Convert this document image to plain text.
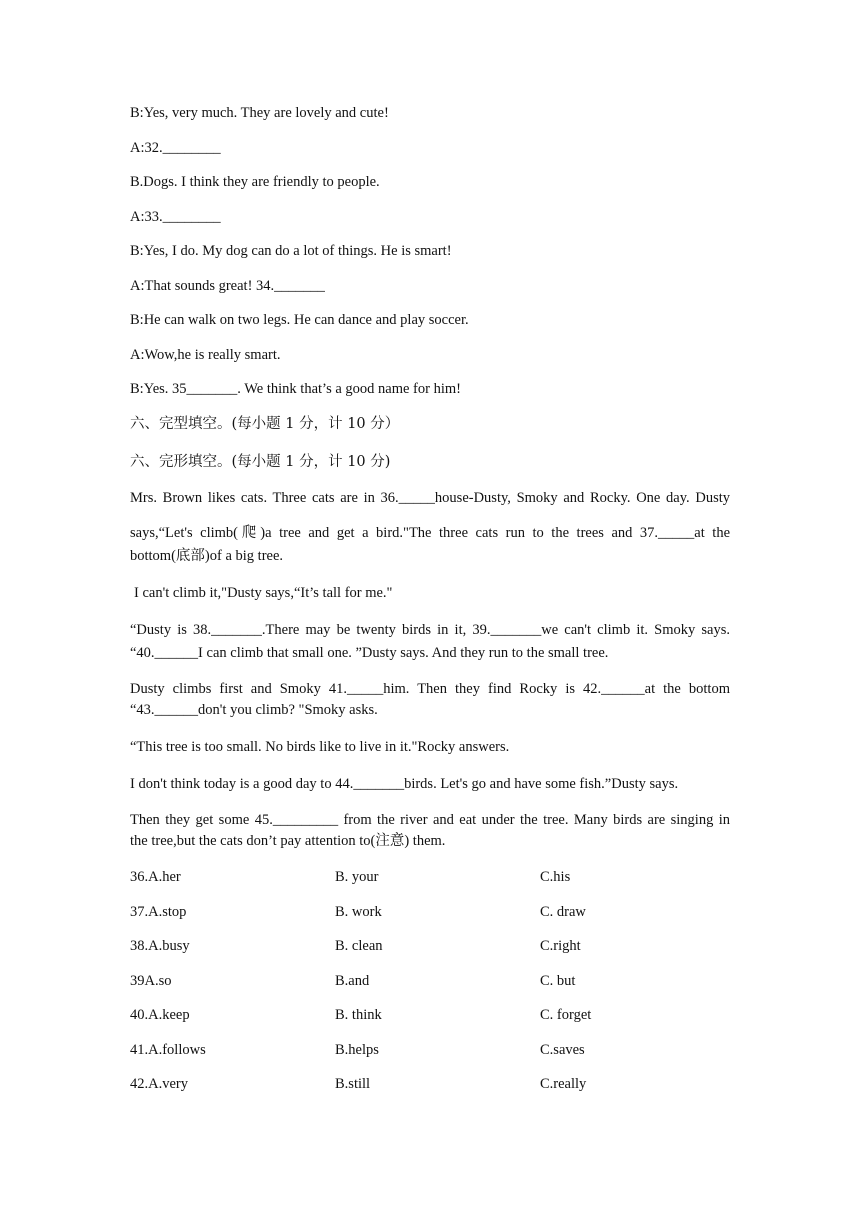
B:Yes, very much. They are lovely and cute!
A:32.________
B.Dogs. I think they are friendly to people.
A:33.________
B:Yes, I do. My dog can do a lot of things. He is smart!
A:That sounds great! 34._______
B:He can walk on two legs. He can dance and play soccer.
A:Wow,he is really smart.
B:Yes. 35_______. We think that’s a good name for him!
六、完型填空。(每小题 1 分，计 10 分）
六、完形填空。(每小题 1 分，计 10 分)
Mrs. Brown likes cats. Three cats are in 36._____house-Dusty, Smoky and Rocky. One day. Dusty
says,“Let's climb(爬)a tree and get a bird."The three cats run to the trees and 37._____at the
bottom(底部)of a big tree.
I can't climb it,"Dusty says,“It’s tall for me."
“Dusty is 38._______.There may be twenty birds in it, 39._______we can't climb it. Smoky says.
“40.______I can climb that small one. ”Dusty says. And they run to the small tree.
Dusty climbs first and Smoky 41._____him. Then they find Rocky is 42.______at the bottom
“43.______don't you climb? "Smoky asks.
“This tree is too small. No birds like to live in it."Rocky answers.
I don't think today is a good day to 44._______birds. Let's go and have some fish.”Dusty says.
Then they get some 45._________ from the river and eat under the tree. Many birds are singing in
the tree,but the cats don’t pay attention to(注意) them.
36.A.her	B. your	C.his
37.A.stop	B. work	C. draw
38.A.busy	B. clean	C.right
39A.so	B.and	C. but
40.A.keep	B. think	C. forget
41.A.follows	B.helps	C.saves
42.A.very	B.still	C.really
